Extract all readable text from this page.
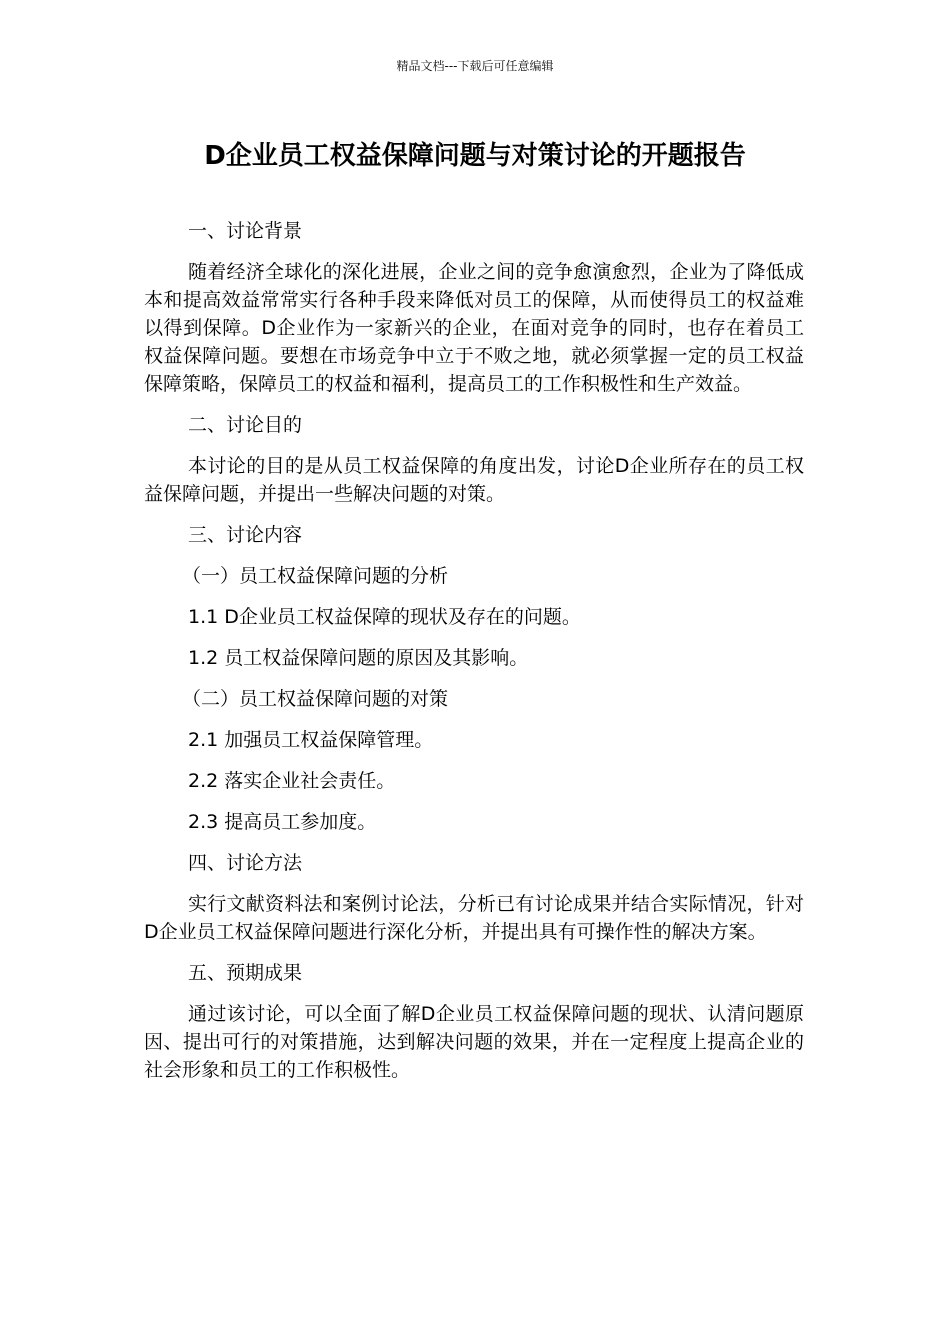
精品文档---下载后可任意编辑
D企业员工权益保障问题与对策讨论的开题报告

一、讨论背景

随着经济全球化的深化进展，企业之间的竞争愈演愈烈，企业为了降低成本和提高效益常常实行各种手段来降低对员工的保障，从而使得员工的权益难以得到保障。D企业作为一家新兴的企业，在面对竞争的同时，也存在着员工权益保障问题。要想在市场竞争中立于不败之地，就必须掌握一定的员工权益保障策略，保障员工的权益和福利，提高员工的工作积极性和生产效益。

二、讨论目的

本讨论的目的是从员工权益保障的角度出发，讨论D企业所存在的员工权益保障问题，并提出一些解决问题的对策。

三、讨论内容

（一）员工权益保障问题的分析

1.1 D企业员工权益保障的现状及存在的问题。

1.2 员工权益保障问题的原因及其影响。

（二）员工权益保障问题的对策

2.1 加强员工权益保障管理。

2.2 落实企业社会责任。

2.3 提高员工参加度。

四、讨论方法

实行文献资料法和案例讨论法，分析已有讨论成果并结合实际情况，针对D企业员工权益保障问题进行深化分析，并提出具有可操作性的解决方案。

五、预期成果

通过该讨论，可以全面了解D企业员工权益保障问题的现状、认清问题原因、提出可行的对策措施，达到解决问题的效果，并在一定程度上提高企业的社会形象和员工的工作积极性。
